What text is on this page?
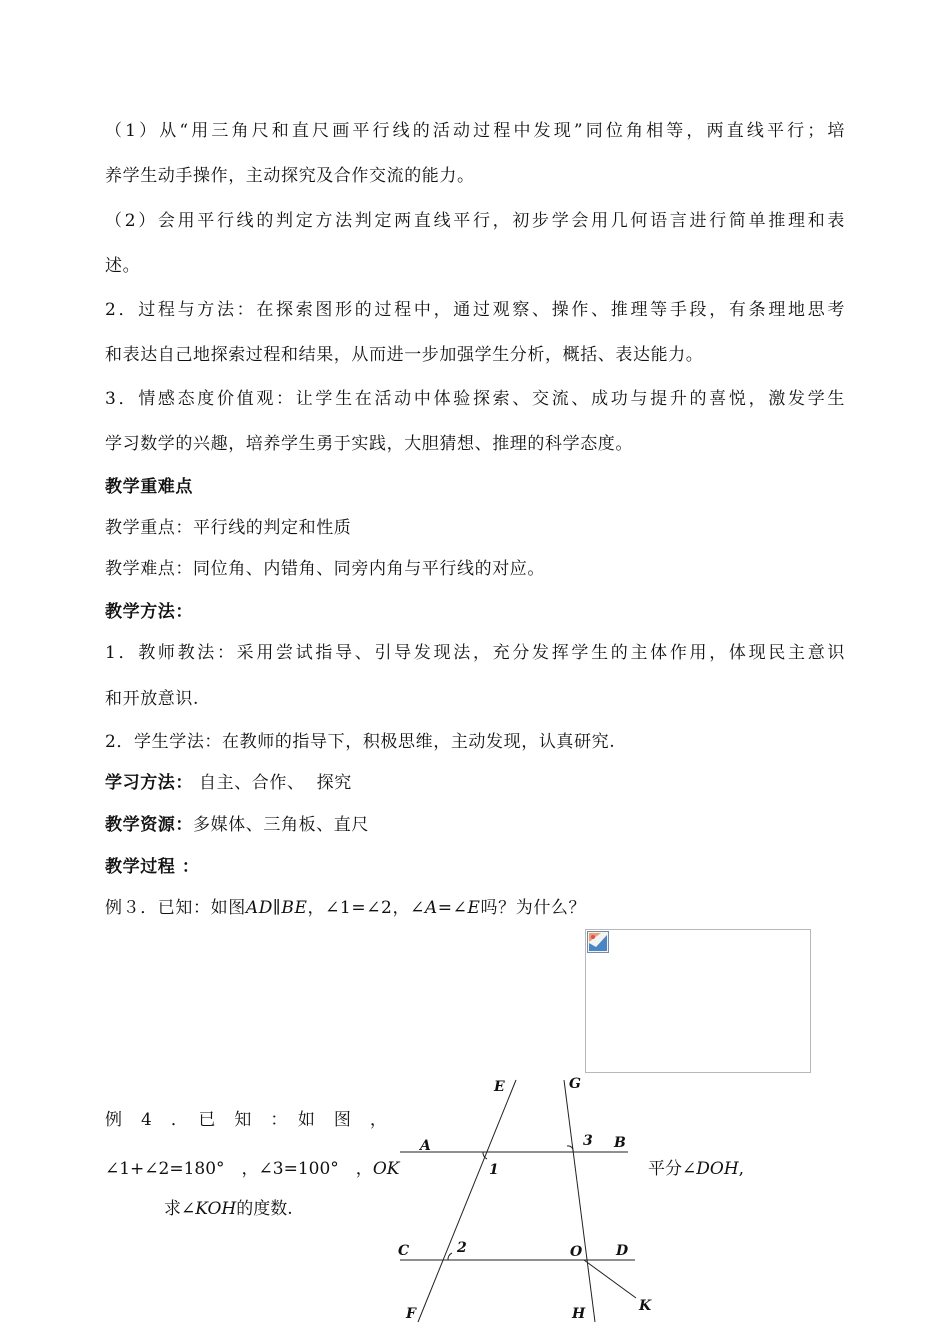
（1）从“用三角尺和直尺画平行线的活动过程中发现”同位角相等，两直线平行；培
养学生动手操作，主动探究及合作交流的能力。
（2）会用平行线的判定方法判定两直线平行，初步学会用几何语言进行简单推理和表
述。
2．过程与方法：在探索图形的过程中，通过观察、操作、推理等手段，有条理地思考
和表达自己地探索过程和结果，从而进一步加强学生分析，概括、表达能力。
3．情感态度价值观：让学生在活动中体验探索、交流、成功与提升的喜悦，激发学生
学习数学的兴趣，培养学生勇于实践，大胆猜想、推理的科学态度。
教学重难点
教学重点：平行线的判定和性质
教学难点：同位角、内错角、同旁内角与平行线的对应。
教学方法：
1．教师教法：采用尝试指导、引导发现法，充分发挥学生的主体作用，体现民主意识
和开放意识.
2．学生学法：在教师的指导下，积极思维，主动发现，认真研究.
学习方法： 自主、合作、  探究
教学资源：多媒体、三角板、直尺
教学过程 ：
例３．已知：如图AD∥BE，∠1=∠2，∠A=∠E吗？为什么？
例　4　．　已　知　：　如　图　，
∠1+∠2=180°　，∠3=100°　，OK	平分∠DOH,
求∠KOH的度数.
E	G
A	B
1
3
C	2	O D
F	H	K
